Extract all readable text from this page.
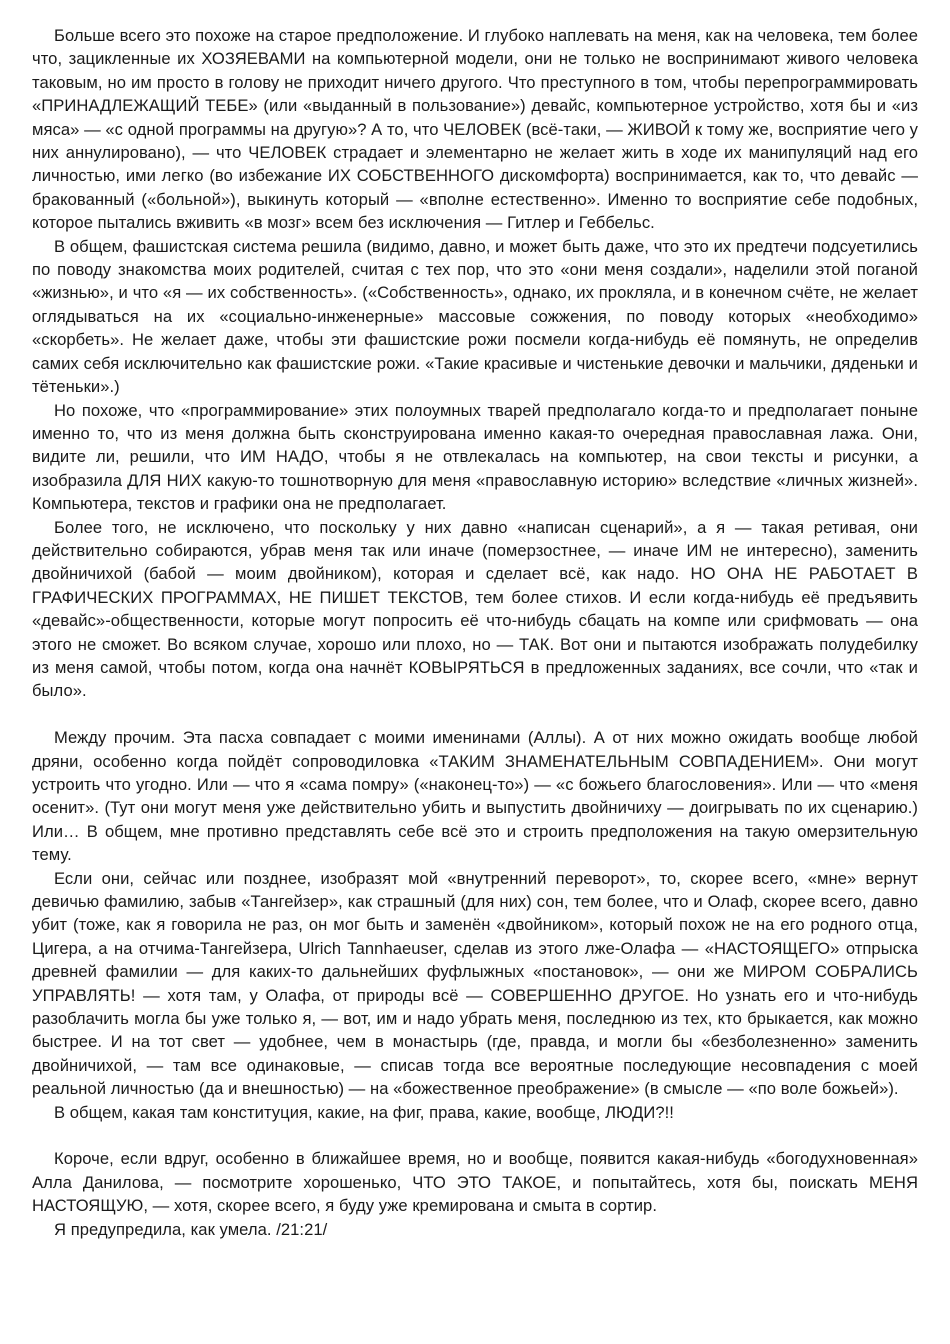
Больше всего это похоже на старое предположение. И глубоко наплевать на меня, как на человека, тем более что, зацикленные их ХОЗЯЕВАМИ на компьютерной модели, они не только не воспринимают живого человека таковым, но им просто в голову не приходит ничего другого. Что преступного в том, чтобы перепрограммировать «ПРИНАДЛЕЖАЩИЙ ТЕБЕ» (или «выданный в пользование») девайс, компьютерное устройство, хотя бы и «из мяса» — «с одной программы на другую»? А то, что ЧЕЛОВЕК (всё-таки, — ЖИВОЙ к тому же, восприятие чего у них аннулировано), — что ЧЕЛОВЕК страдает и элементарно не желает жить в ходе их манипуляций над его личностью, ими легко (во избежание ИХ СОБСТВЕННОГО дискомфорта) воспринимается, как то, что девайс — бракованный («больной»), выкинуть который — «вполне естественно». Именно то восприятие себе подобных, которое пытались вживить «в мозг» всем без исключения — Гитлер и Геббельс.

В общем, фашистская система решила (видимо, давно, и может быть даже, что это их предтечи подсуетились по поводу знакомства моих родителей, считая с тех пор, что это «они меня создали», наделили этой поганой «жизнью», и что «я — их собственность». («Собственность», однако, их прокляла, и в конечном счёте, не желает оглядываться на их «социально-инженерные» массовые сожжения, по поводу которых «необходимо» «скорбеть». Не желает даже, чтобы эти фашистские рожи посмели когда-нибудь её помянуть, не определив самих себя исключительно как фашистские рожи. «Такие красивые и чистенькие девочки и мальчики, дяденьки и тётеньки».)

Но похоже, что «программирование» этих полоумных тварей предполагало когда-то и предполагает поныне именно то, что из меня должна быть сконструирована именно какая-то очередная православная лажа. Они, видите ли, решили, что ИМ НАДО, чтобы я не отвлекалась на компьютер, на свои тексты и рисунки, а изобразила ДЛЯ НИХ какую-то тошнотворную для меня «православную историю» вследствие «личных жизней». Компьютера, текстов и графики она не предполагает.

Более того, не исключено, что поскольку у них давно «написан сценарий», а я — такая ретивая, они действительно собираются, убрав меня так или иначе (померзостнее, — иначе ИМ не интересно), заменить двойничихой (бабой — моим двойником), которая и сделает всё, как надо. НО ОНА НЕ РАБОТАЕТ В ГРАФИЧЕСКИХ ПРОГРАММАХ, НЕ ПИШЕТ ТЕКСТОВ, тем более стихов. И если когда-нибудь её предъявить «девайс»-общественности, которые могут попросить её что-нибудь сбацать на компе или срифмовать — она этого не сможет. Во всяком случае, хорошо или плохо, но — ТАК. Вот они и пытаются изображать полудебилку из меня самой, чтобы потом, когда она начнёт КОВЫРЯТЬСЯ в предложенных заданиях, все сочли, что «так и было».

Между прочим. Эта пасха совпадает с моими именинами (Аллы). А от них можно ожидать вообще любой дряни, особенно когда пойдёт сопроводиловка «ТАКИМ ЗНАМЕНАТЕЛЬНЫМ СОВПАДЕНИЕМ». Они могут устроить что угодно. Или — что я «сама помру» («наконец-то») — «с божьего благословения». Или — что «меня осенит». (Тут они могут меня уже действительно убить и выпустить двойничиху — доигрывать по их сценарию.) Или… В общем, мне противно представлять себе всё это и строить предположения на такую омерзительную тему.

Если они, сейчас или позднее, изобразят мой «внутренний переворот», то, скорее всего, «мне» вернут девичью фамилию, забыв «Тангейзер», как страшный (для них) сон, тем более, что и Олаф, скорее всего, давно убит (тоже, как я говорила не раз, он мог быть и заменён «двойником», который похож не на его родного отца, Цигера, а на отчима-Тангейзера, Ulrich Tannhaeuser, сделав из этого лже-Олафа — «НАСТОЯЩЕГО» отпрыска древней фамилии — для каких-то дальнейших фуфлыжных «постановок», — они же МИРОМ СОБРАЛИСЬ УПРАВЛЯТЬ! — хотя там, у Олафа, от природы всё — СОВЕРШЕННО ДРУГОЕ. Но узнать его и что-нибудь разоблачить могла бы уже только я, — вот, им и надо убрать меня, последнюю из тех, кто брыкается, как можно быстрее. И на тот свет — удобнее, чем в монастырь (где, правда, и могли бы «безболезненно» заменить двойничихой, — там все одинаковые, — списав тогда все вероятные последующие несовпадения с моей реальной личностью (да и внешностью) — на «божественное преображение» (в смысле — «по воле божьей»).

В общем, какая там конституция, какие, на фиг, права, какие, вообще, ЛЮДИ?!!

Короче, если вдруг, особенно в ближайшее время, но и вообще, появится какая-нибудь «богодухновенная» Алла Данилова, — посмотрите хорошенько, ЧТО ЭТО ТАКОЕ, и попытайтесь, хотя бы, поискать МЕНЯ НАСТОЯЩУЮ, — хотя, скорее всего, я буду уже кремирована и смыта в сортир.

Я предупредила, как умела. /21:21/
